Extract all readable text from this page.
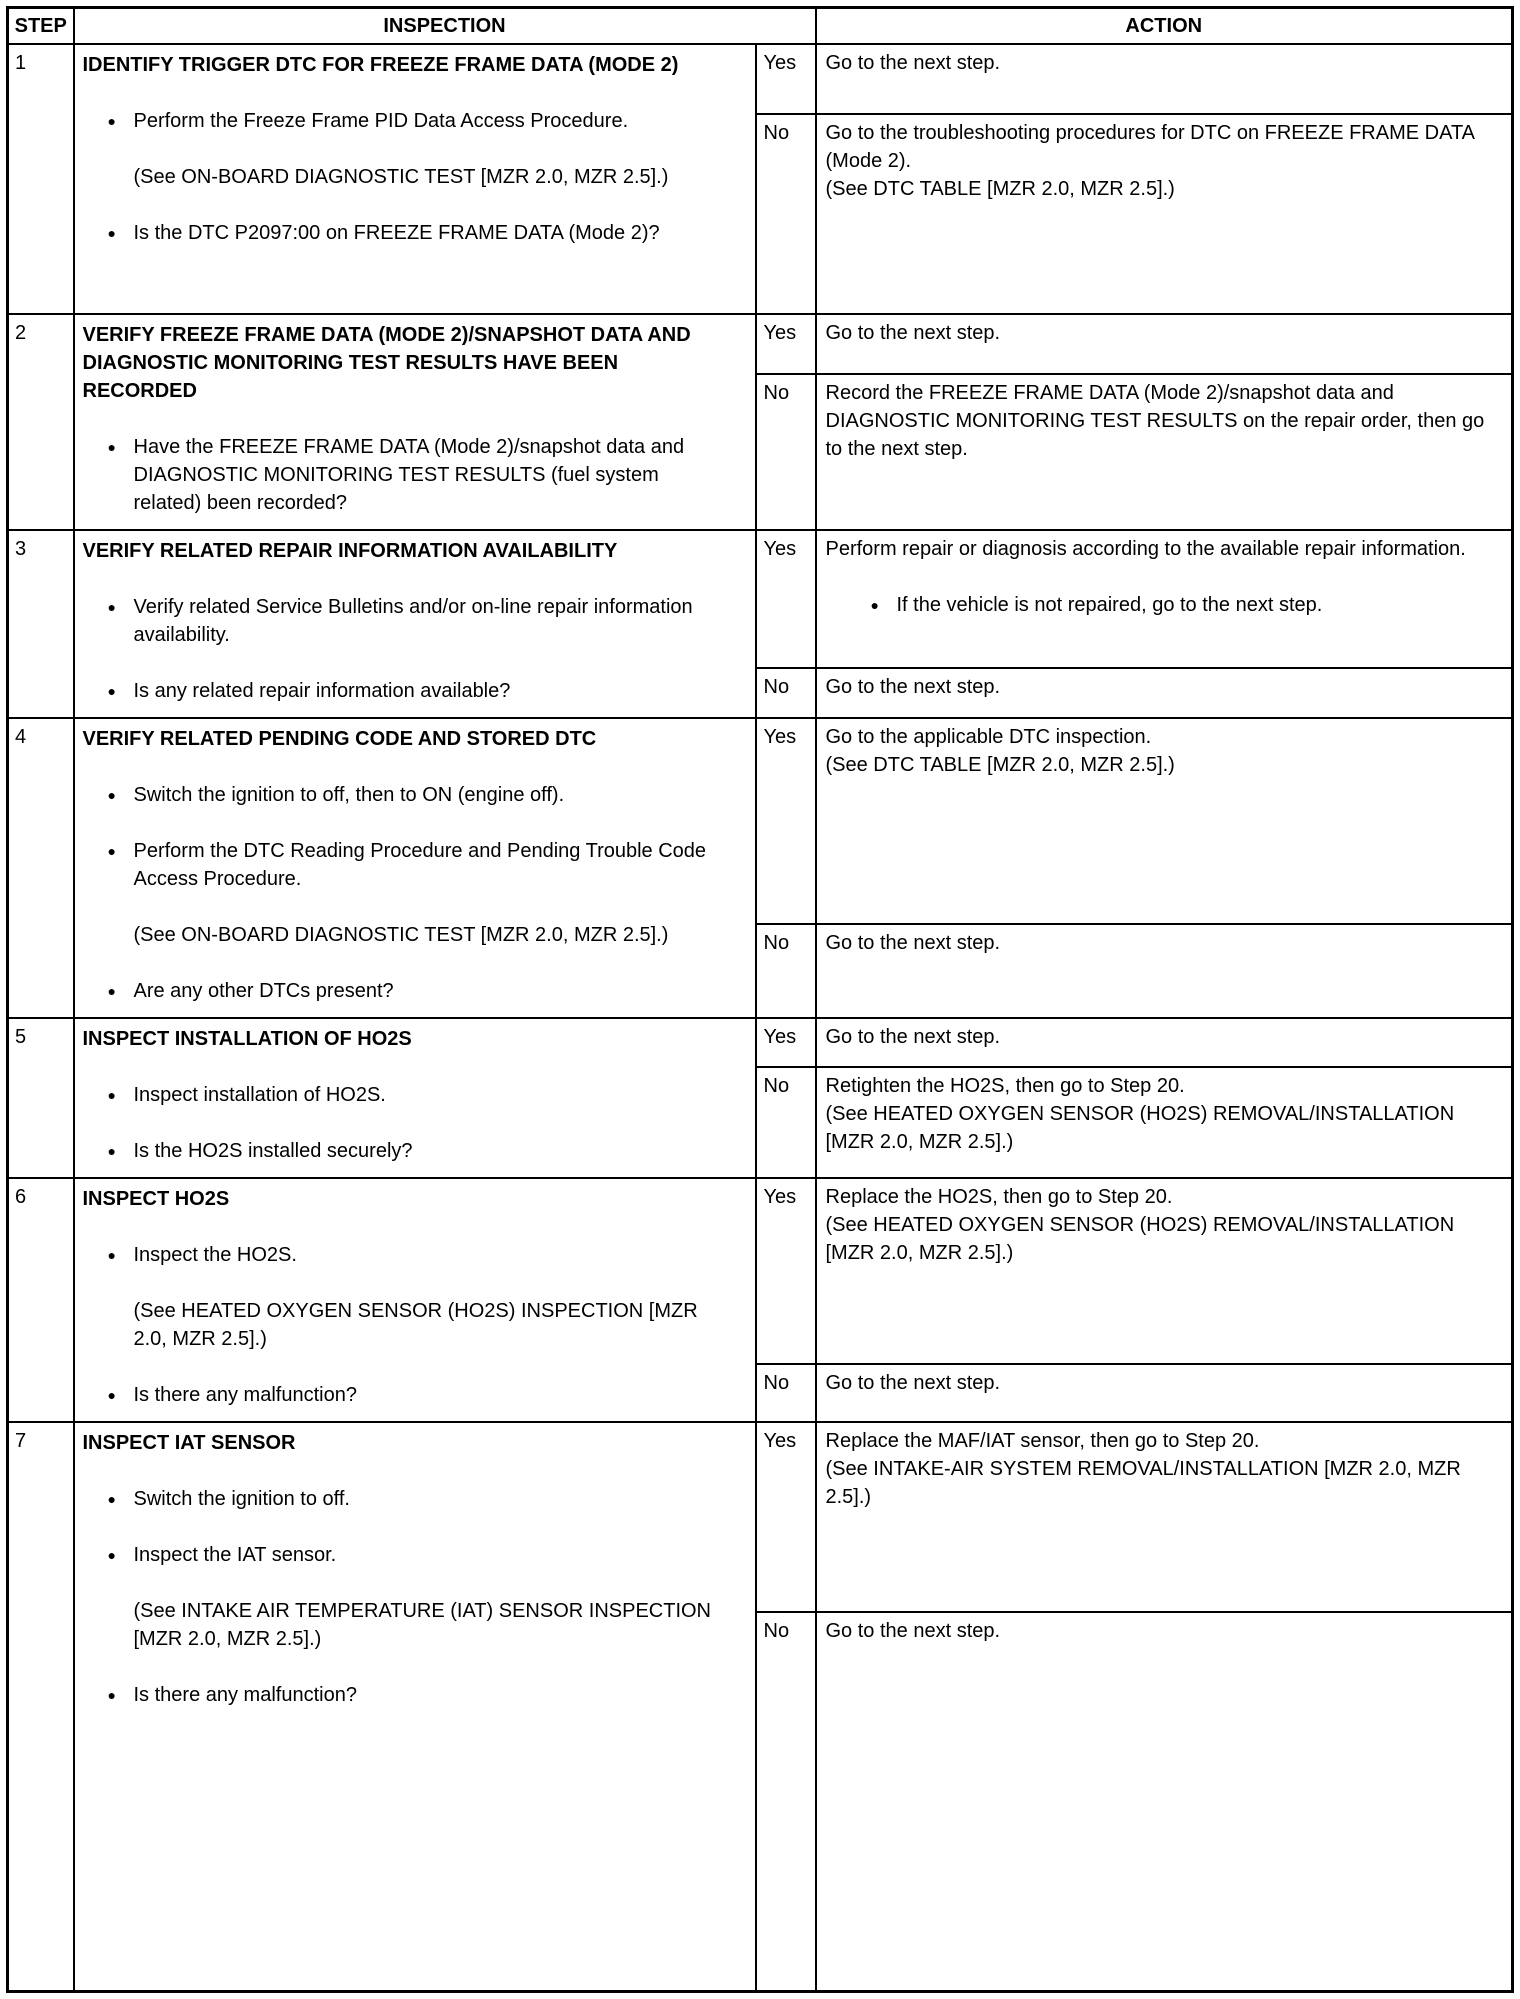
STEP	INSPECTION		ACTION
1	IDENTIFY TRIGGER DTC FOR FREEZE FRAME DATA (MODE 2)
● Perform the Freeze Frame PID Data Access Procedure.
(See ON-BOARD DIAGNOSTIC TEST [MZR 2.0, MZR 2.5].)
● Is the DTC P2097:00 on FREEZE FRAME DATA (Mode 2)?
	Yes	Go to the next step.

		No	Go to the troubleshooting procedures for DTC on FREEZE FRAME DATA (Mode 2).
(See DTC TABLE [MZR 2.0, MZR 2.5].)

2	VERIFY FREEZE FRAME DATA (MODE 2)/SNAPSHOT DATA AND DIAGNOSTIC MONITORING TEST RESULTS HAVE BEEN RECORDED
● Have the FREEZE FRAME DATA (Mode 2)/snapshot data and DIAGNOSTIC MONITORING TEST RESULTS (fuel system related) been recorded?	Yes	Go to the next step.

		No	Record the FREEZE FRAME DATA (Mode 2)/snapshot data and DIAGNOSTIC MONITORING TEST RESULTS on the repair order, then go to the next step.

3	VERIFY RELATED REPAIR INFORMATION AVAILABILITY
● Verify related Service Bulletins and/or on-line repair information availability.
● Is any related repair information available?
	Yes	Perform repair or diagnosis according to the available repair information.
● If the vehicle is not repaired, go to the next step.

		No	Go to the next step.

4	VERIFY RELATED PENDING CODE AND STORED DTC
● Switch the ignition to off, then to ON (engine off).
● Perform the DTC Reading Procedure and Pending Trouble Code Access Procedure.
(See ON-BOARD DIAGNOSTIC TEST [MZR 2.0, MZR 2.5].)
● Are any other DTCs present?
	Yes	Go to the applicable DTC inspection.
(See DTC TABLE [MZR 2.0, MZR 2.5].)

		No	Go to the next step.

5	INSPECT INSTALLATION OF HO2S
● Inspect installation of HO2S.
● Is the HO2S installed securely?	Yes	Go to the next step.

		No	Retighten the HO2S, then go to Step 20.
(See HEATED OXYGEN SENSOR (HO2S) REMOVAL/INSTALLATION [MZR 2.0, MZR 2.5].)

6	INSPECT HO2S
● Inspect the HO2S.
(See HEATED OXYGEN SENSOR (HO2S) INSPECTION [MZR 2.0, MZR 2.5].)
● Is there any malfunction?
	Yes	Replace the HO2S, then go to Step 20.
(See HEATED OXYGEN SENSOR (HO2S) REMOVAL/INSTALLATION [MZR 2.0, MZR 2.5].)

		No	Go to the next step.

7	INSPECT IAT SENSOR
● Switch the ignition to off.
● Inspect the IAT sensor.
(See INTAKE AIR TEMPERATURE (IAT) SENSOR INSPECTION [MZR 2.0, MZR 2.5].)
● Is there any malfunction?
	Yes	Replace the MAF/IAT sensor, then go to Step 20.
(See INTAKE-AIR SYSTEM REMOVAL/INSTALLATION [MZR 2.0, MZR 2.5].)

		No	Go to the next step.
